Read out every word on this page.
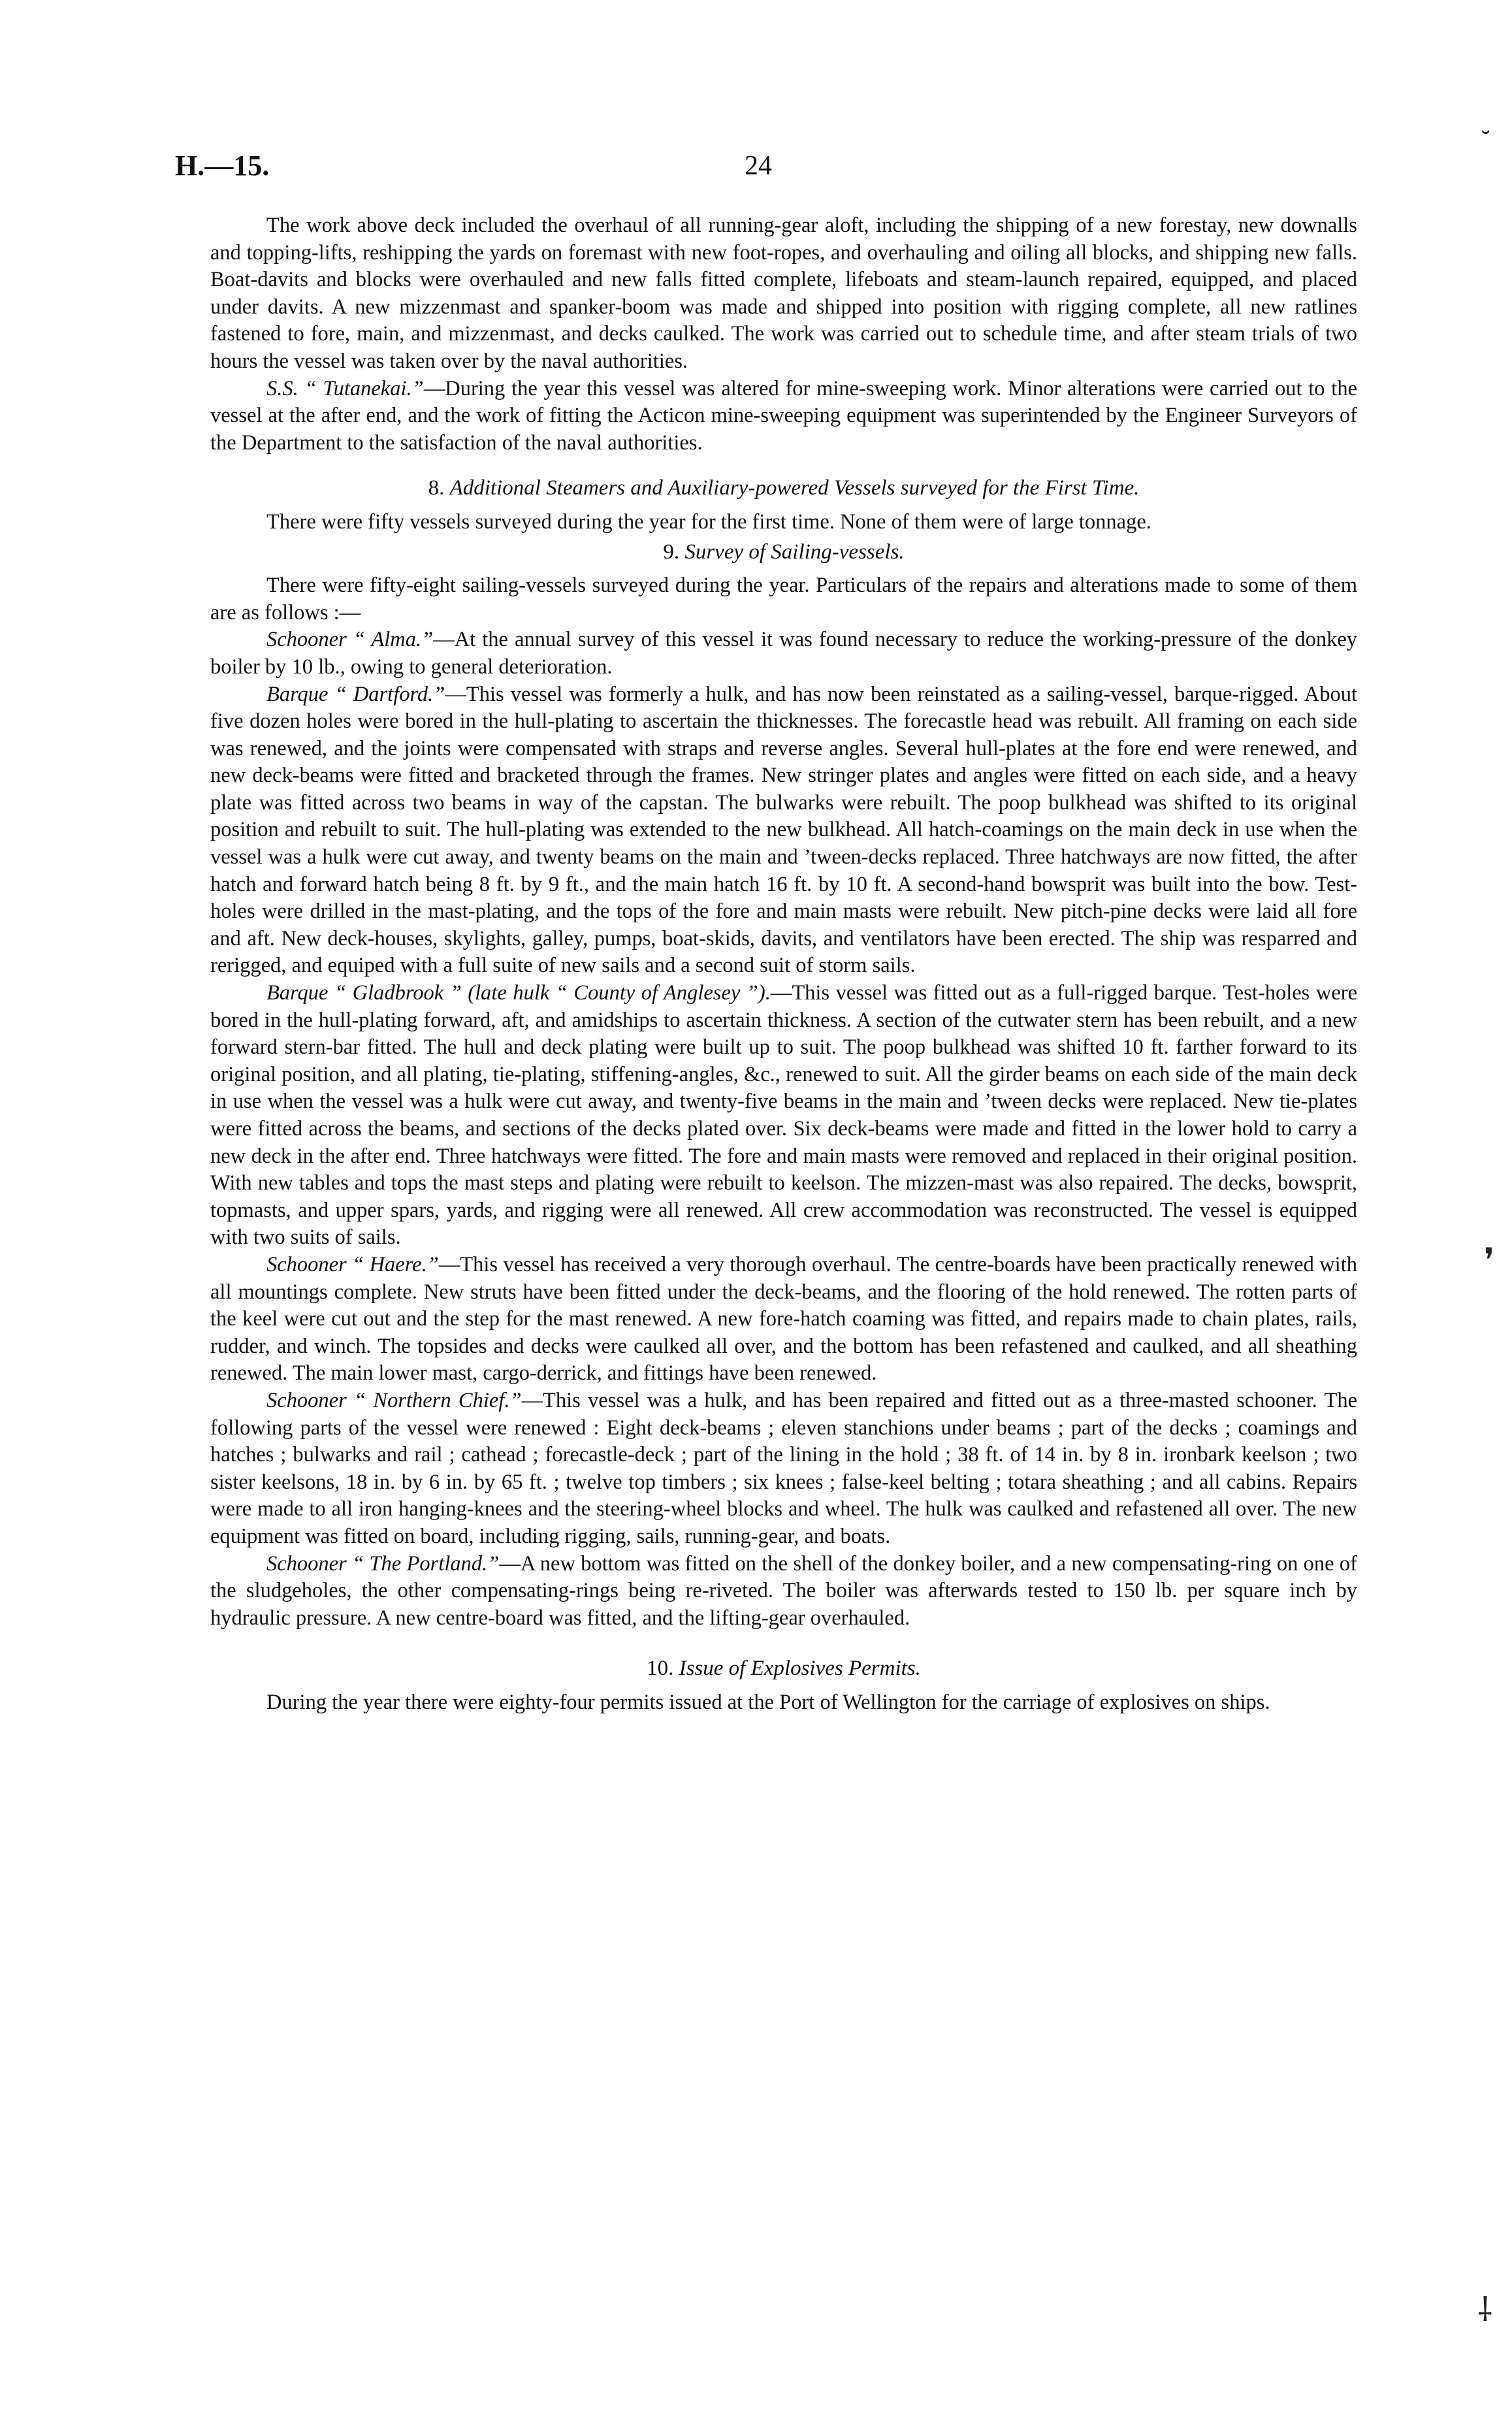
H.—15.	24

The work above deck included the overhaul of all running-gear aloft, including the shipping of a new forestay, new downalls and topping-lifts, reshipping the yards on foremast with new foot-ropes, and overhauling and oiling all blocks, and shipping new falls. Boat-davits and blocks were overhauled and new falls fitted complete, lifeboats and steam-launch repaired, equipped, and placed under davits. A new mizzenmast and spanker-boom was made and shipped into position with rigging complete, all new ratlines fastened to fore, main, and mizzenmast, and decks caulked. The work was carried out to schedule time, and after steam trials of two hours the vessel was taken over by the naval authorities.

S.S. “ Tutanekai.”—During the year this vessel was altered for mine-sweeping work. Minor alterations were carried out to the vessel at the after end, and the work of fitting the Acticon mine-sweeping equipment was superintended by the Engineer Surveyors of the Department to the satisfaction of the naval authorities.

8. Additional Steamers and Auxiliary-powered Vessels surveyed for the First Time.

There were fifty vessels surveyed during the year for the first time. None of them were of large tonnage.

9. Survey of Sailing-vessels.

There were fifty-eight sailing-vessels surveyed during the year. Particulars of the repairs and alterations made to some of them are as follows :—

Schooner “ Alma.”—At the annual survey of this vessel it was found necessary to reduce the working-pressure of the donkey boiler by 10 lb., owing to general deterioration.

Barque “ Dartford.”—This vessel was formerly a hulk, and has now been reinstated as a sailing-vessel, barque-rigged. About five dozen holes were bored in the hull-plating to ascertain the thicknesses. The forecastle head was rebuilt. All framing on each side was renewed, and the joints were compensated with straps and reverse angles. Several hull-plates at the fore end were renewed, and new deck-beams were fitted and bracketed through the frames. New stringer plates and angles were fitted on each side, and a heavy plate was fitted across two beams in way of the capstan. The bulwarks were rebuilt. The poop bulkhead was shifted to its original position and rebuilt to suit. The hull-plating was extended to the new bulkhead. All hatch-coamings on the main deck in use when the vessel was a hulk were cut away, and twenty beams on the main and ’tween-decks replaced. Three hatchways are now fitted, the after hatch and forward hatch being 8 ft. by 9 ft., and the main hatch 16 ft. by 10 ft. A second-hand bowsprit was built into the bow. Test-holes were drilled in the mast-plating, and the tops of the fore and main masts were rebuilt. New pitch-pine decks were laid all fore and aft. New deck-houses, skylights, galley, pumps, boat-skids, davits, and ventilators have been erected. The ship was resparred and rerigged, and equiped with a full suite of new sails and a second suit of storm sails.

Barque “ Gladbrook ” (late hulk “ County of Anglesey ”).—This vessel was fitted out as a full-rigged barque. Test-holes were bored in the hull-plating forward, aft, and amidships to ascertain thickness. A section of the cutwater stern has been rebuilt, and a new forward stern-bar fitted. The hull and deck plating were built up to suit. The poop bulkhead was shifted 10 ft. farther forward to its original position, and all plating, tie-plating, stiffening-angles, &c., renewed to suit. All the girder beams on each side of the main deck in use when the vessel was a hulk were cut away, and twenty-five beams in the main and ’tween decks were replaced. New tie-plates were fitted across the beams, and sections of the decks plated over. Six deck-beams were made and fitted in the lower hold to carry a new deck in the after end. Three hatchways were fitted. The fore and main masts were removed and replaced in their original position. With new tables and tops the mast steps and plating were rebuilt to keelson. The mizzen-mast was also repaired. The decks, bowsprit, topmasts, and upper spars, yards, and rigging were all renewed. All crew accommodation was reconstructed. The vessel is equipped with two suits of sails.

Schooner “ Haere.”—This vessel has received a very thorough overhaul. The centre-boards have been practically renewed with all mountings complete. New struts have been fitted under the deck-beams, and the flooring of the hold renewed. The rotten parts of the keel were cut out and the step for the mast renewed. A new fore-hatch coaming was fitted, and repairs made to chain plates, rails, rudder, and winch. The topsides and decks were caulked all over, and the bottom has been refastened and caulked, and all sheathing renewed. The main lower mast, cargo-derrick, and fittings have been renewed.

Schooner “ Northern Chief.”—This vessel was a hulk, and has been repaired and fitted out as a three-masted schooner. The following parts of the vessel were renewed : Eight deck-beams ; eleven stanchions under beams ; part of the decks ; coamings and hatches ; bulwarks and rail ; cathead ; forecastle-deck ; part of the lining in the hold ; 38 ft. of 14 in. by 8 in. ironbark keelson ; two sister keelsons, 18 in. by 6 in. by 65 ft. ; twelve top timbers ; six knees ; false-keel belting ; totara sheathing ; and all cabins. Repairs were made to all iron hanging-knees and the steering-wheel blocks and wheel. The hulk was caulked and refastened all over. The new equipment was fitted on board, including rigging, sails, running-gear, and boats.

Schooner “ The Portland.”—A new bottom was fitted on the shell of the donkey boiler, and a new compensating-ring on one of the sludgeholes, the other compensating-rings being re-riveted. The boiler was afterwards tested to 150 lb. per square inch by hydraulic pressure. A new centre-board was fitted, and the lifting-gear overhauled.

10. Issue of Explosives Permits.

During the year there were eighty-four permits issued at the Port of Wellington for the carriage of explosives on ships.

˘
❜
⸸
